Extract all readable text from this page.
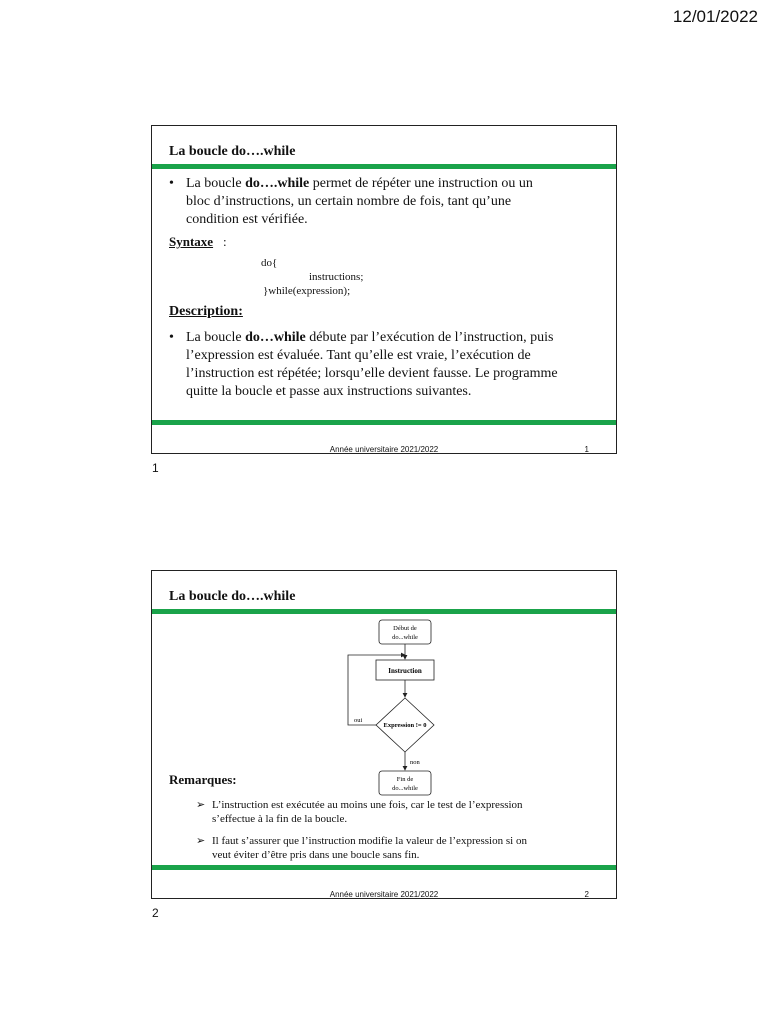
12/01/2022
La boucle do….while
• La boucle do….while permet de répéter une instruction ou un
bloc d’instructions, un certain nombre de fois, tant qu’une
condition est vérifiée.
Syntaxe :
do{
instructions;
}while(expression);
Description:
• La boucle do…while débute par l’exécution de l’instruction, puis
l’expression est évaluée. Tant qu’elle est vraie, l’exécution de
l’instruction est répétée; lorsqu’elle devient fausse. Le programme
quitte la boucle et passe aux instructions suivantes.
Année universitaire 2021/2022	1
1
La boucle do….while
Début de
do...while
Instruction
Expression != 0
oui
non
Fin de
do...while
Remarques:
➢ L’instruction est exécutée au moins une fois, car le test de l’expression
s’effectue à la fin de la boucle.
➢ Il faut s’assurer que l’instruction modifie la valeur de l’expression si on
veut éviter d’être pris dans une boucle sans fin.
Année universitaire 2021/2022	2
2
